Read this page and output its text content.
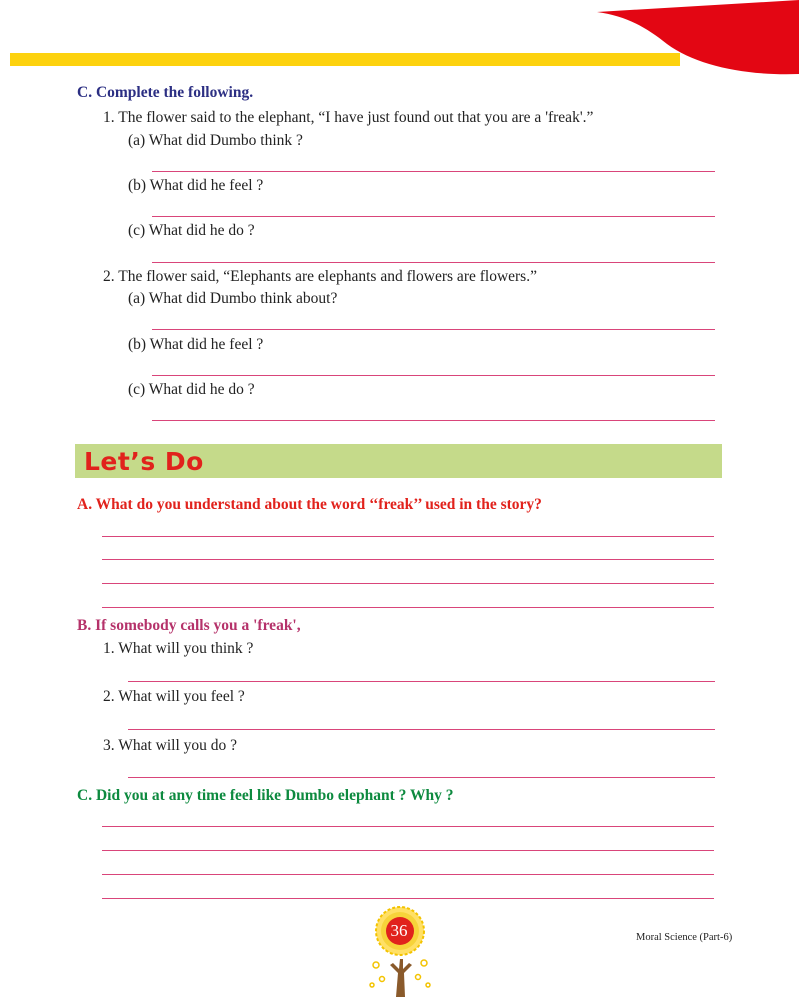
C. Complete the following.
1. The flower said to the elephant, “I have just found out that you are a 'freak'.”
(a) What did Dumbo think ?
(b) What did he feel ?
(c) What did he do ?
2. The flower said, “Elephants are elephants and flowers are flowers.”
(a) What did Dumbo think about?
(b) What did he feel ?
(c) What did he do ?
Let’s Do
A. What do you understand about the word ‘‘freak’’ used in the story?
B. If somebody calls you a 'freak',
1. What will you think ?
2. What will you feel ?
3. What will you do ?
C. Did you at any time feel like Dumbo elephant ? Why ?
36	Moral Science (Part-6)
